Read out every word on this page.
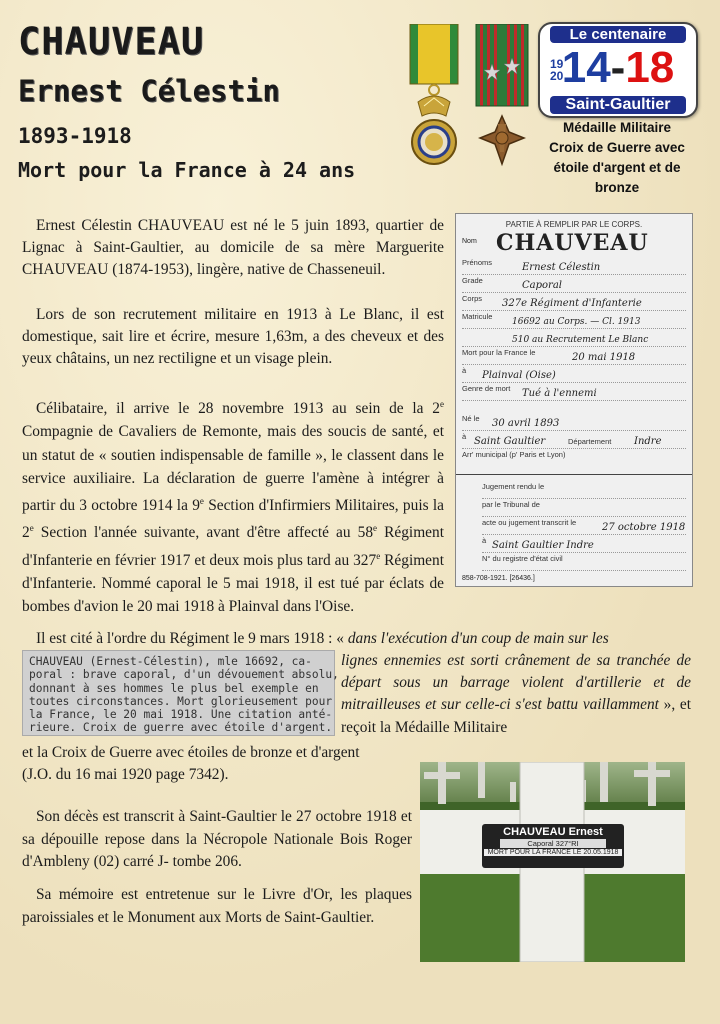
CHAUVEAU
Ernest Célestin
1893-1918
Mort pour la France à 24 ans
Le centenaire
19
20
14-18
Saint-Gaultier
Médaille Militaire
Croix de Guerre avec
étoile d'argent et de
bronze
Ernest Célestin CHAUVEAU est né le 5 juin 1893, quartier de Lignac à Saint-Gaultier, au domicile de sa mère Marguerite CHAUVEAU (1874-1953), lingère, native de Chasseneuil.
Lors de son recrutement militaire en 1913 à Le Blanc, il est domestique, sait lire et écrire, mesure 1,63m, a des cheveux et des yeux châtains, un nez rectiligne et un visage plein.
Célibataire, il arrive le 28 novembre 1913 au sein de la 2e Compagnie de Cavaliers de Remonte, mais des soucis de santé, et un statut de « soutien indispensable de famille », le classent dans le service auxiliaire. La déclaration de guerre l'amène à intégrer à partir du 3 octobre 1914 la 9e Section d'Infirmiers Militaires, puis la 2e Section l'année suivante, avant d'être affecté au 58e Régiment d'Infanterie en février 1917 et deux mois plus tard au 327e Régiment d'Infanterie. Nommé caporal le 5 mai 1918, il est tué par éclats de bombes d'avion le 20 mai 1918 à Plainval dans l'Oise.
PARTIE À REMPLIR PAR LE CORPS.
Nom CHAUVEAU
Prénoms	Ernest Célestin
Grade	Caporal
Corps 327e Régiment d'Infanterie
Matricule
16692 au Corps. — Cl. 1913
510 au Recrutement Le Blanc
Mort pour la France le	20 mai 1918
à Plainval (Oise)
Genre de mort Tué à l'ennemi
Né le 30 avril 1893
à Saint Gaultier	Département Indre
Arr' municipal (p' Paris et Lyon)
Jugement rendu le
par le Tribunal de
acte ou jugement transcrit le	27 octobre 1918
à Saint Gaultier Indre
N° du registre d'état civil
858-708-1921. [26436.]
Il est cité à l'ordre du Régiment le 9 mars 1918 : « dans l'exécution d'un coup de main sur les
CHAUVEAU (Ernest-Célestin), mle 16692, ca-
poral : brave caporal, d'un dévouement absolu,
donnant à ses hommes le plus bel exemple en
toutes circonstances. Mort glorieusement pour
la France, le 20 mai 1918. Une citation anté-
rieure. Croix de guerre avec étoile d'argent.
lignes ennemies est sorti crânement de sa tranchée de départ sous un barrage violent d'artillerie et de mitrailleuses et sur celle-ci s'est battu vaillamment », et reçoit la Médaille Militaire
et la Croix de Guerre avec étoiles de bronze et d'argent
(J.O. du 16 mai 1920 page 7342).
CHAUVEAU Ernest
Caporal 327°RI
MORT POUR LA FRANCE LE 20.05.1918
Son décès est transcrit à Saint-Gaultier le 27 octobre 1918 et sa dépouille repose dans la Nécropole Nationale Bois Roger d'Ambleny (02) carré J- tombe 206.
Sa mémoire est entretenue sur le Livre d'Or, les plaques paroissiales et le Monument aux Morts de Saint-Gaultier.
